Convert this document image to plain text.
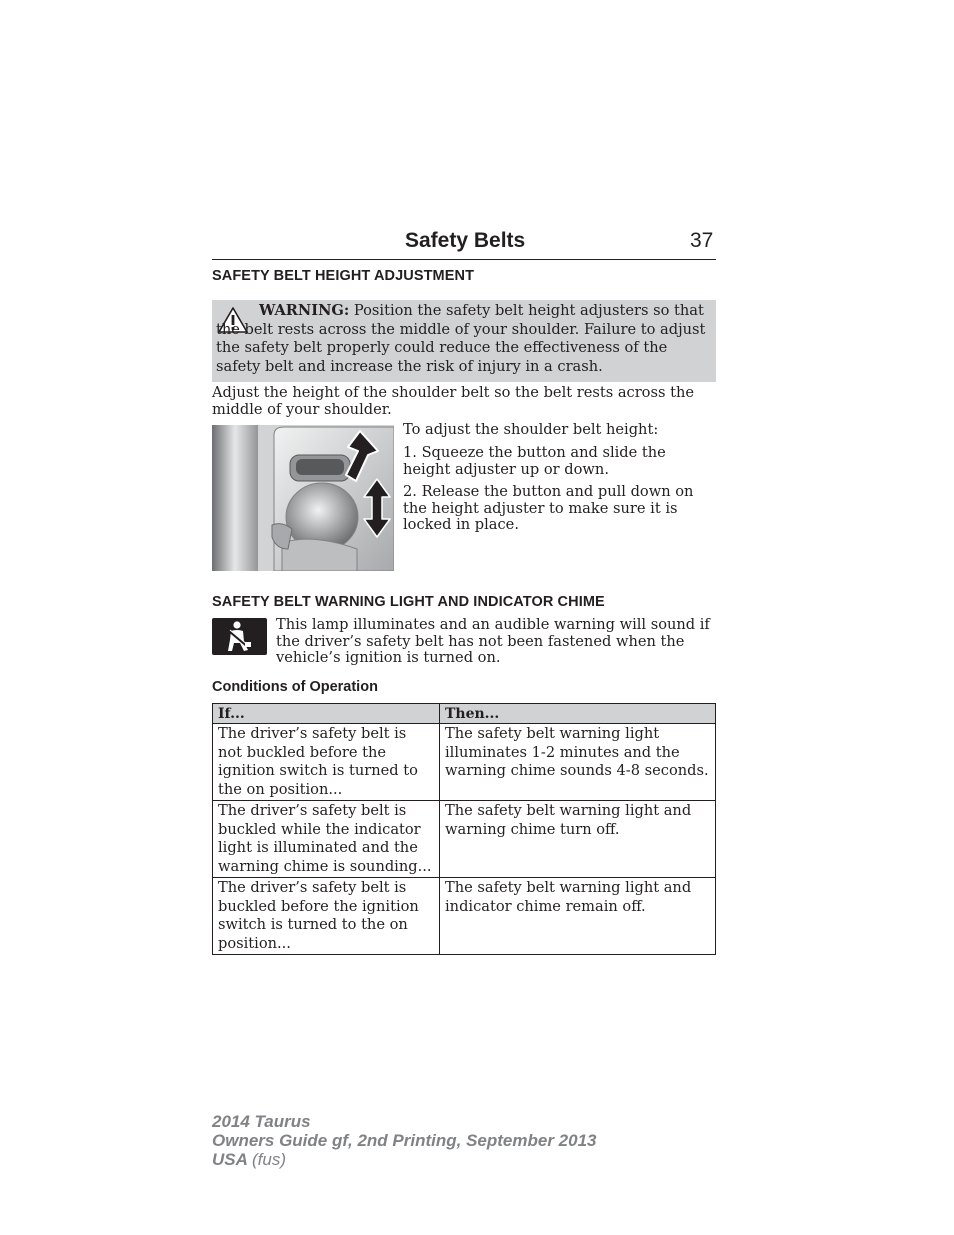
Safety Belts	37
SAFETY BELT HEIGHT ADJUSTMENT
WARNING: Position the safety belt height adjusters so that the belt rests across the middle of your shoulder. Failure to adjust the safety belt properly could reduce the effectiveness of the safety belt and increase the risk of injury in a crash.
Adjust the height of the shoulder belt so the belt rests across the middle of your shoulder.
To adjust the shoulder belt height:
1. Squeeze the button and slide the height adjuster up or down.
2. Release the button and pull down on the height adjuster to make sure it is locked in place.
SAFETY BELT WARNING LIGHT AND INDICATOR CHIME
This lamp illuminates and an audible warning will sound if the driver’s safety belt has not been fastened when the vehicle’s ignition is turned on.
Conditions of Operation
If...	Then...
The driver’s safety belt is not buckled before the ignition switch is turned to the on position...	The safety belt warning light illuminates 1-2 minutes and the warning chime sounds 4-8 seconds.
The driver’s safety belt is buckled while the indicator light is illuminated and the warning chime is sounding...	The safety belt warning light and warning chime turn off.
The driver’s safety belt is buckled before the ignition switch is turned to the on position...	The safety belt warning light and indicator chime remain off.
2014 Taurus
Owners Guide gf, 2nd Printing, September 2013
USA (fus)
